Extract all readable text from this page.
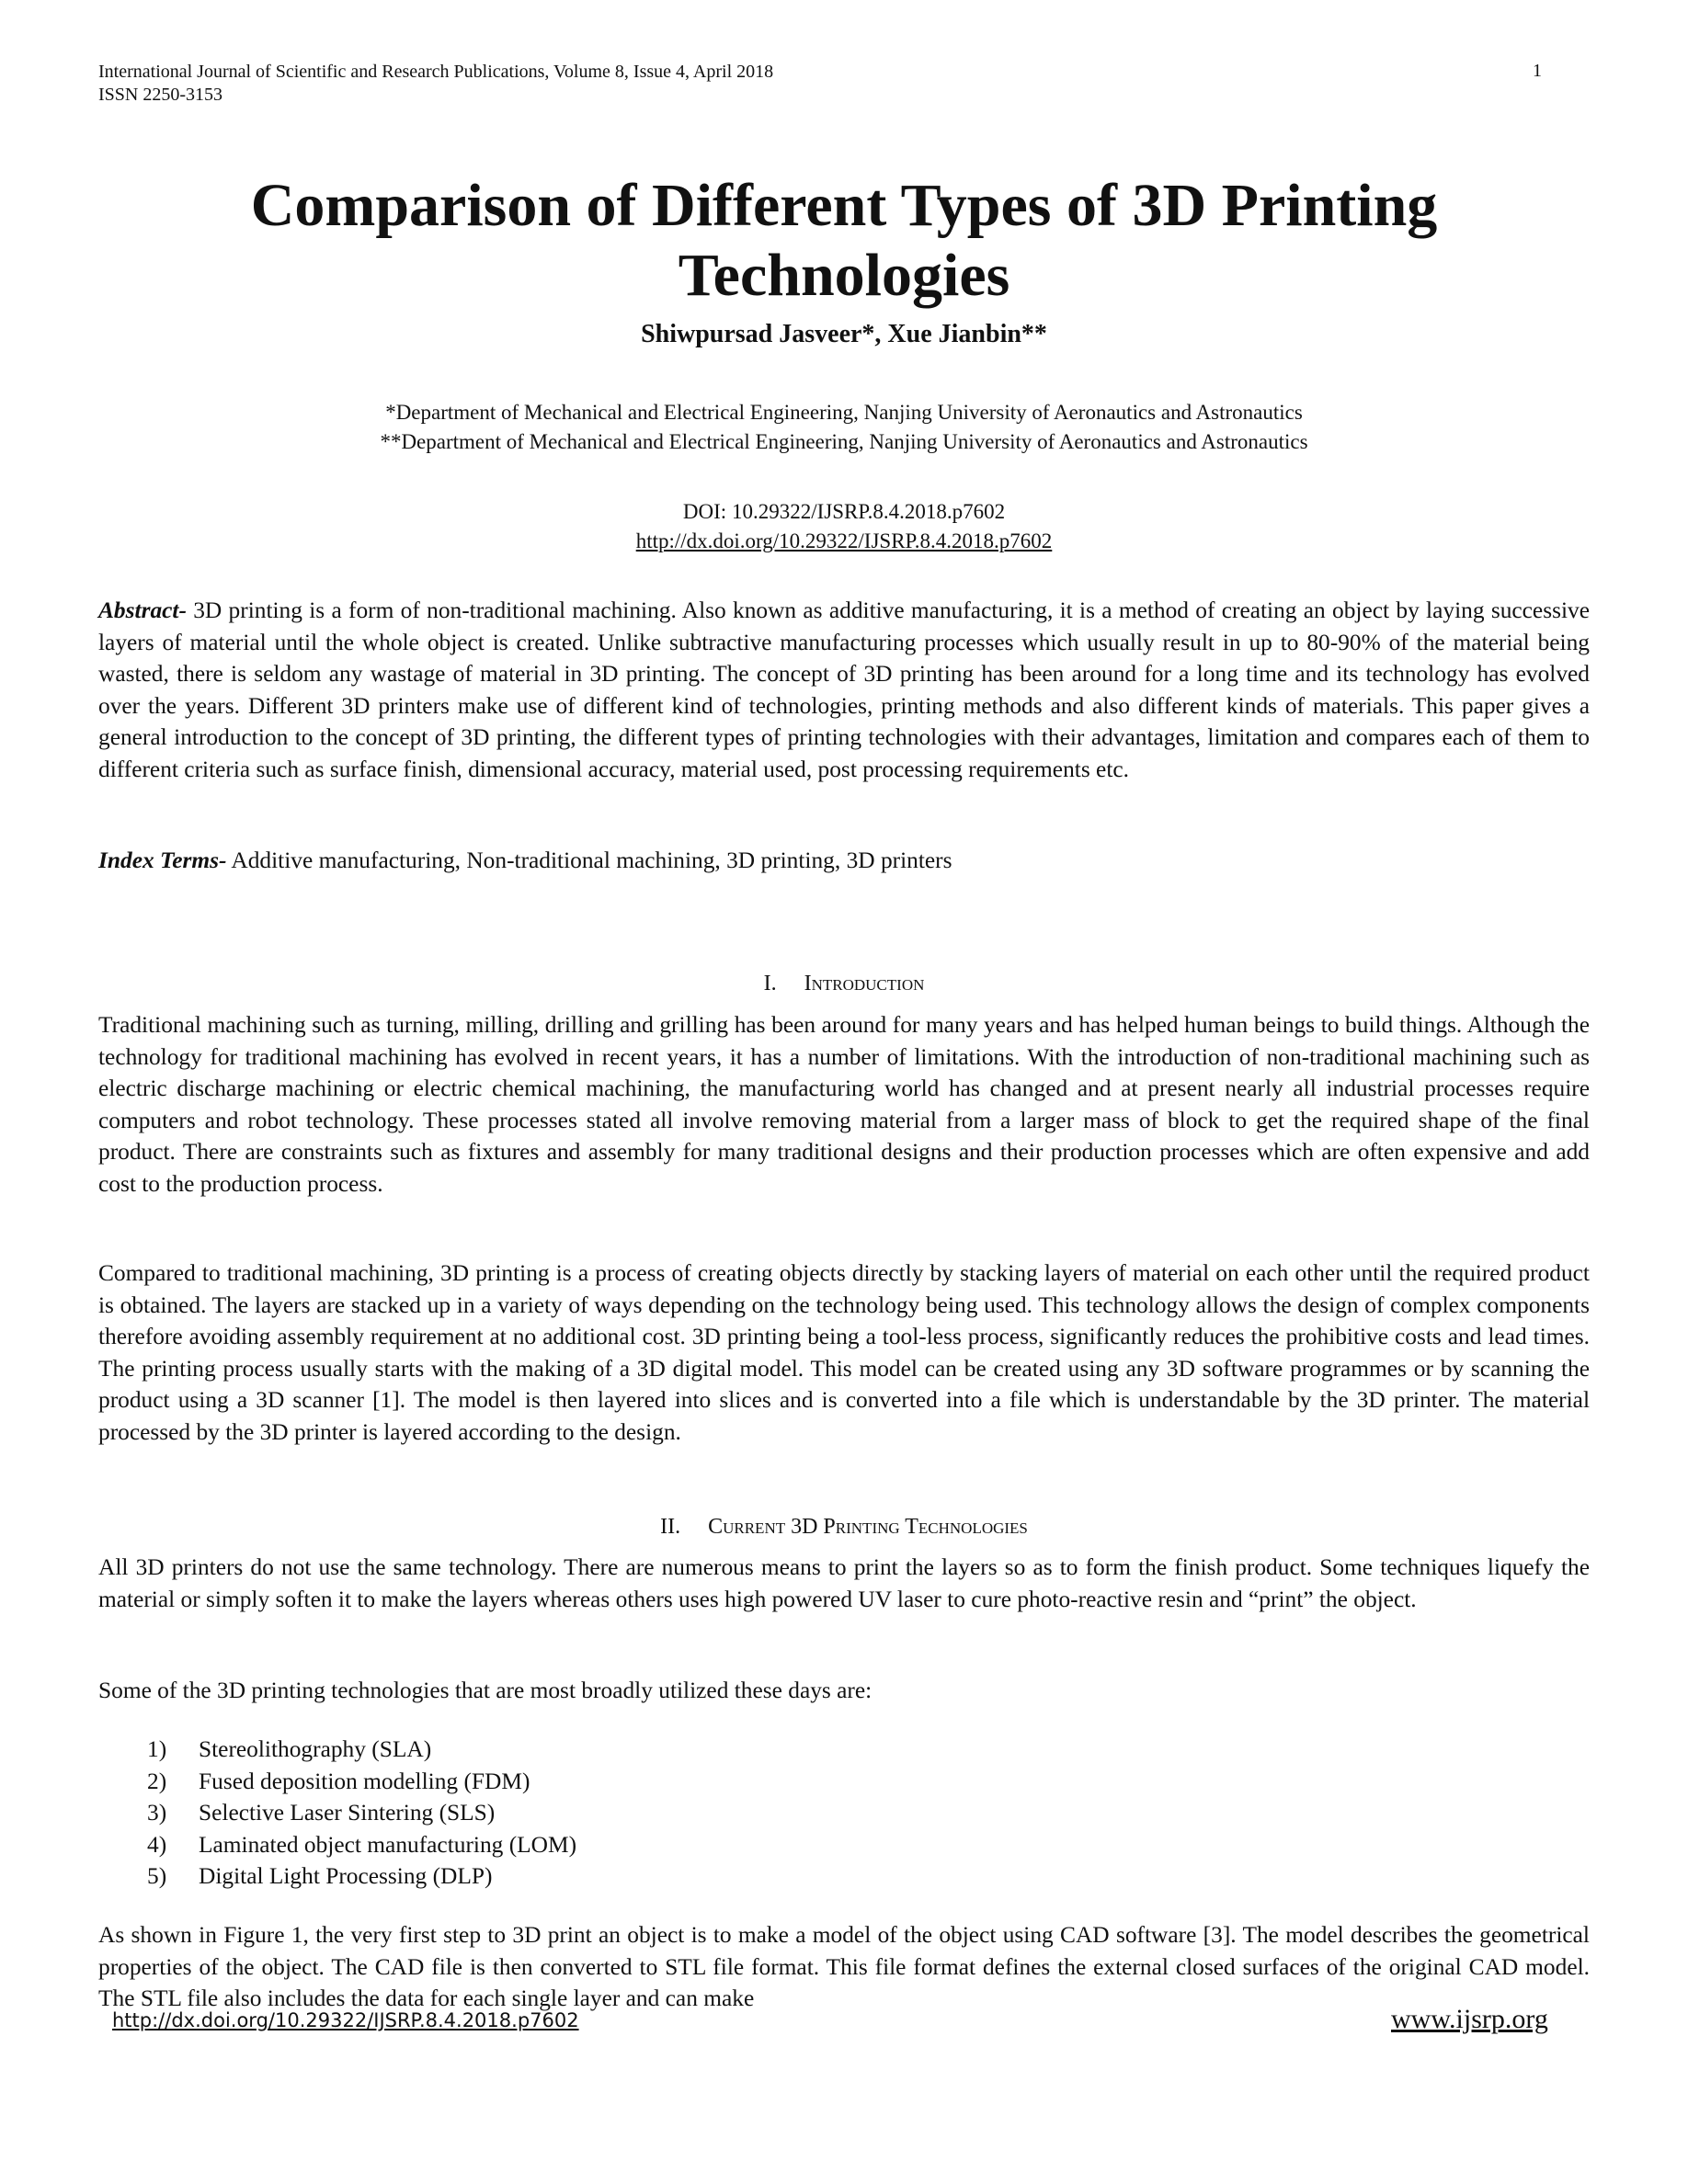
International Journal of Scientific and Research Publications, Volume 8, Issue 4, April 2018
ISSN 2250-3153
1
Comparison of Different Types of 3D Printing
Technologies
Shiwpursad Jasveer*, Xue Jianbin**
*Department of Mechanical and Electrical Engineering, Nanjing University of Aeronautics and Astronautics
**Department of Mechanical and Electrical Engineering, Nanjing University of Aeronautics and Astronautics
DOI: 10.29322/IJSRP.8.4.2018.p7602
http://dx.doi.org/10.29322/IJSRP.8.4.2018.p7602
Abstract- 3D printing is a form of non-traditional machining. Also known as additive manufacturing, it is a method of creating an object by laying successive layers of material until the whole object is created. Unlike subtractive manufacturing processes which usually result in up to 80-90% of the material being wasted, there is seldom any wastage of material in 3D printing. The concept of 3D printing has been around for a long time and its technology has evolved over the years. Different 3D printers make use of different kind of technologies, printing methods and also different kinds of materials. This paper gives a general introduction to the concept of 3D printing, the different types of printing technologies with their advantages, limitation and compares each of them to different criteria such as surface finish, dimensional accuracy, material used, post processing requirements etc.
Index Terms- Additive manufacturing, Non-traditional machining, 3D printing, 3D printers
I. Introduction
Traditional machining such as turning, milling, drilling and grilling has been around for many years and has helped human beings to build things. Although the technology for traditional machining has evolved in recent years, it has a number of limitations. With the introduction of non-traditional machining such as electric discharge machining or electric chemical machining, the manufacturing world has changed and at present nearly all industrial processes require computers and robot technology. These processes stated all involve removing material from a larger mass of block to get the required shape of the final product. There are constraints such as fixtures and assembly for many traditional designs and their production processes which are often expensive and add cost to the production process.
Compared to traditional machining, 3D printing is a process of creating objects directly by stacking layers of material on each other until the required product is obtained. The layers are stacked up in a variety of ways depending on the technology being used. This technology allows the design of complex components therefore avoiding assembly requirement at no additional cost. 3D printing being a tool-less process, significantly reduces the prohibitive costs and lead times. The printing process usually starts with the making of a 3D digital model. This model can be created using any 3D software programmes or by scanning the product using a 3D scanner [1]. The model is then layered into slices and is converted into a file which is understandable by the 3D printer. The material processed by the 3D printer is layered according to the design.
II. Current 3D Printing Technologies
All 3D printers do not use the same technology. There are numerous means to print the layers so as to form the finish product. Some techniques liquefy the material or simply soften it to make the layers whereas others uses high powered UV laser to cure photo-reactive resin and “print” the object.
Some of the 3D printing technologies that are most broadly utilized these days are:
1)	Stereolithography (SLA)
2)	Fused deposition modelling (FDM)
3)	Selective Laser Sintering (SLS)
4)	Laminated object manufacturing (LOM)
5)	Digital Light Processing (DLP)
As shown in Figure 1, the very first step to 3D print an object is to make a model of the object using CAD software [3]. The model describes the geometrical properties of the object. The CAD file is then converted to STL file format. This file format defines the external closed surfaces of the original CAD model. The STL file also includes the data for each single layer and can make
http://dx.doi.org/10.29322/IJSRP.8.4.2018.p7602	www.ijsrp.org
